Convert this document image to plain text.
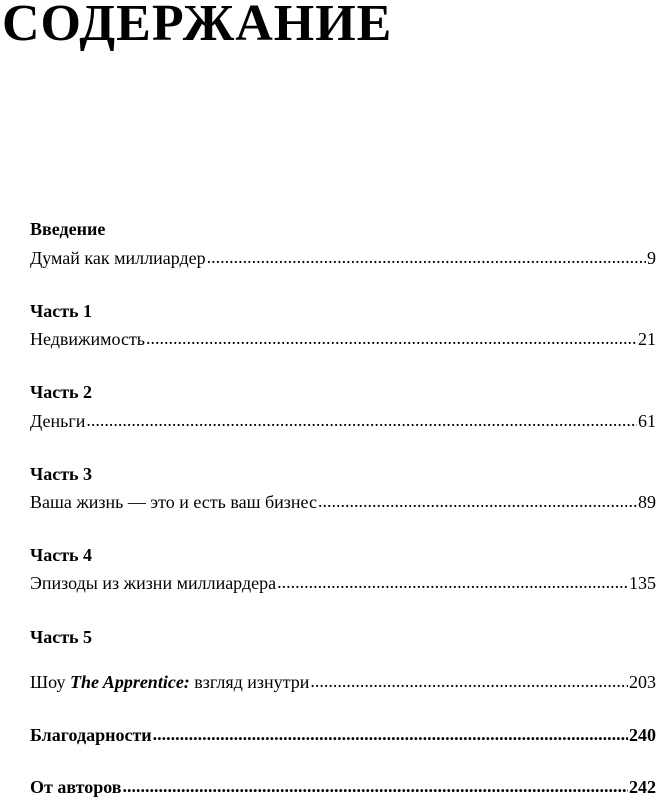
СОДЕРЖАНИЕ
Введение
Думай как миллиардер .....	9
Часть 1
Недвижимость .....	21
Часть 2
Деньги .....	61
Часть 3
Ваша жизнь — это и есть ваш бизнес .....	89
Часть 4
Эпизоды из жизни миллиардера .....	135
Часть 5
Шоу The Apprentice: взгляд изнутри .....	203
Благодарности .....	240
От авторов .....	242
